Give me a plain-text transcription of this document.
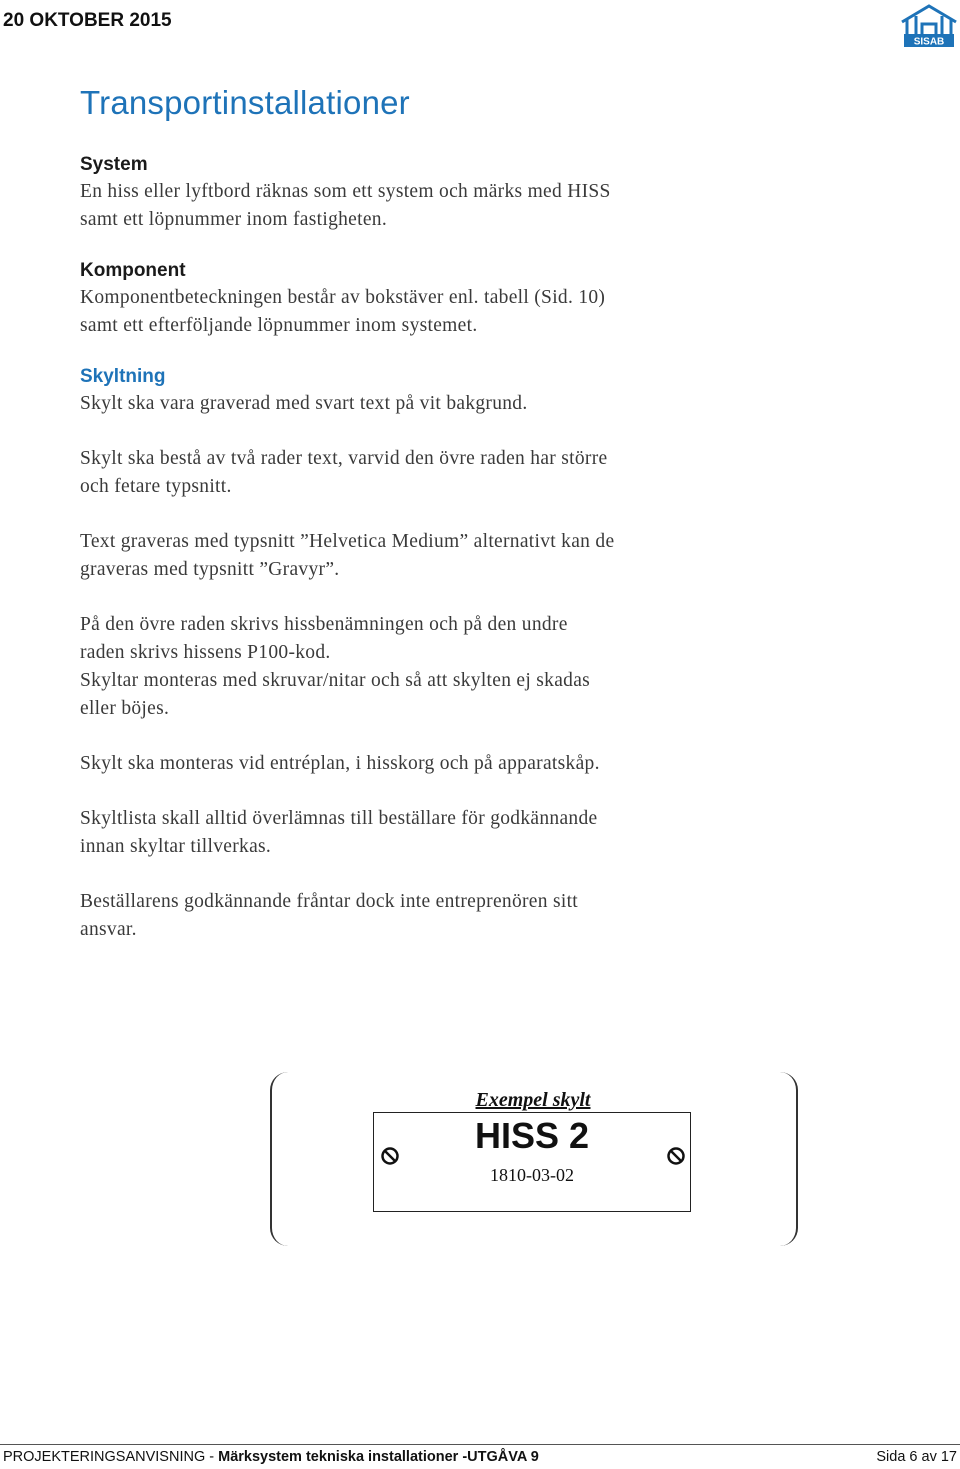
20 OKTOBER 2015
SISAB
Transportinstallationer

System

En hiss eller lyftbord räknas som ett system och märks med HISS

samt ett löpnummer inom fastigheten.

Komponent

Komponentbeteckningen består av bokstäver enl. tabell (Sid. 10)

samt ett efterföljande löpnummer inom systemet.

Skyltning

Skylt ska vara graverad med svart text på vit bakgrund.

Skylt ska bestå av två rader text, varvid den övre raden har större

och fetare typsnitt.

Text graveras med typsnitt ”Helvetica Medium” alternativt kan de

graveras med typsnitt ”Gravyr”.

På den övre raden skrivs hissbenämningen och på den undre

raden skrivs hissens P100-kod.

Skyltar monteras med skruvar/nitar och så att skylten ej skadas

eller böjes.

Skylt ska monteras vid entréplan, i hisskorg och på apparatskåp.

Skyltlista skall alltid överlämnas till beställare för godkännande

innan skyltar tillverkas.

Beställarens godkännande fråntar dock inte entreprenören sitt

ansvar.

Exempel skylt
HISS 2
1810-03-02
PROJEKTERINGSANVISNING - Märksystem tekniska installationer -UTGÅVA 9	Sida 6 av 17
